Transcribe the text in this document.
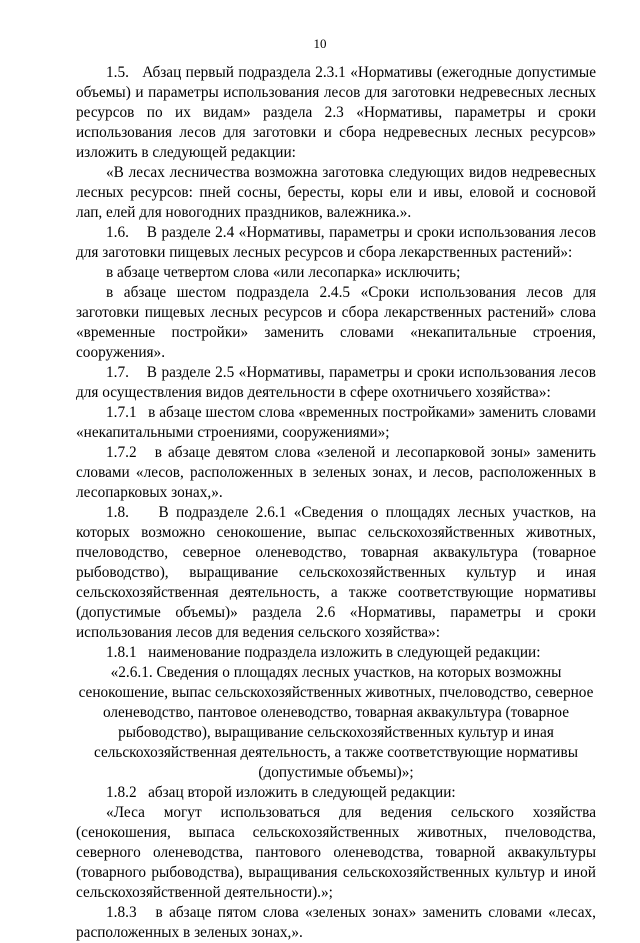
10

1.5.   Абзац первый подраздела 2.3.1 «Нормативы (ежегодные допустимые объемы) и параметры использования лесов для заготовки недревесных лесных ресурсов по их видам» раздела 2.3 «Нормативы, параметры и сроки использования лесов для заготовки и сбора недревесных лесных ресурсов» изложить в следующей редакции:

«В лесах лесничества возможна заготовка следующих видов недревесных лесных ресурсов: пней сосны, бересты, коры ели и ивы, еловой и сосновой лап, елей для новогодних праздников, валежника.».

1.6.    В разделе 2.4 «Нормативы, параметры и сроки использования лесов для заготовки пищевых лесных ресурсов и сбора лекарственных растений»:

в абзаце четвертом слова «или лесопарка» исключить;

в абзаце шестом подраздела 2.4.5 «Сроки использования лесов для заготовки пищевых лесных ресурсов и сбора лекарственных растений» слова «временные постройки» заменить словами «некапитальные строения, сооружения».

1.7.    В разделе 2.5 «Нормативы, параметры и сроки использования лесов для осуществления видов деятельности в сфере охотничьего хозяйства»:

1.7.1   в абзаце шестом слова «временных постройками» заменить словами «некапитальными строениями, сооружениями»;

1.7.2   в абзаце девятом слова «зеленой и лесопарковой зоны» заменить словами «лесов, расположенных в зеленых зонах, и лесов, расположенных в лесопарковых зонах,».

1.8.    В подразделе 2.6.1 «Сведения о площадях лесных участков, на которых возможно сенокошение, выпас сельскохозяйственных животных, пчеловодство, северное оленеводство, товарная аквакультура (товарное рыбоводство), выращивание сельскохозяйственных культур и иная сельскохозяйственная деятельность, а также соответствующие нормативы (допустимые объемы)» раздела 2.6 «Нормативы, параметры и сроки использования лесов для ведения сельского хозяйства»:

1.8.1   наименование подраздела изложить в следующей редакции:

«2.6.1. Сведения о площадях лесных участков, на которых возможны сенокошение, выпас сельскохозяйственных животных, пчеловодство, северное оленеводство, пантовое оленеводство, товарная аквакультура (товарное рыбоводство), выращивание сельскохозяйственных культур и иная сельскохозяйственная деятельность, а также соответствующие нормативы (допустимые объемы)»;

1.8.2   абзац второй изложить в следующей редакции:

«Леса могут использоваться для ведения сельского хозяйства (сенокошения, выпаса сельскохозяйственных животных, пчеловодства, северного оленеводства, пантового оленеводства, товарной аквакультуры (товарного рыбоводства), выращивания сельскохозяйственных культур и иной сельскохозяйственной деятельности).»;

1.8.3   в абзаце пятом слова «зеленых зонах» заменить словами «лесах, расположенных в зеленых зонах,».
